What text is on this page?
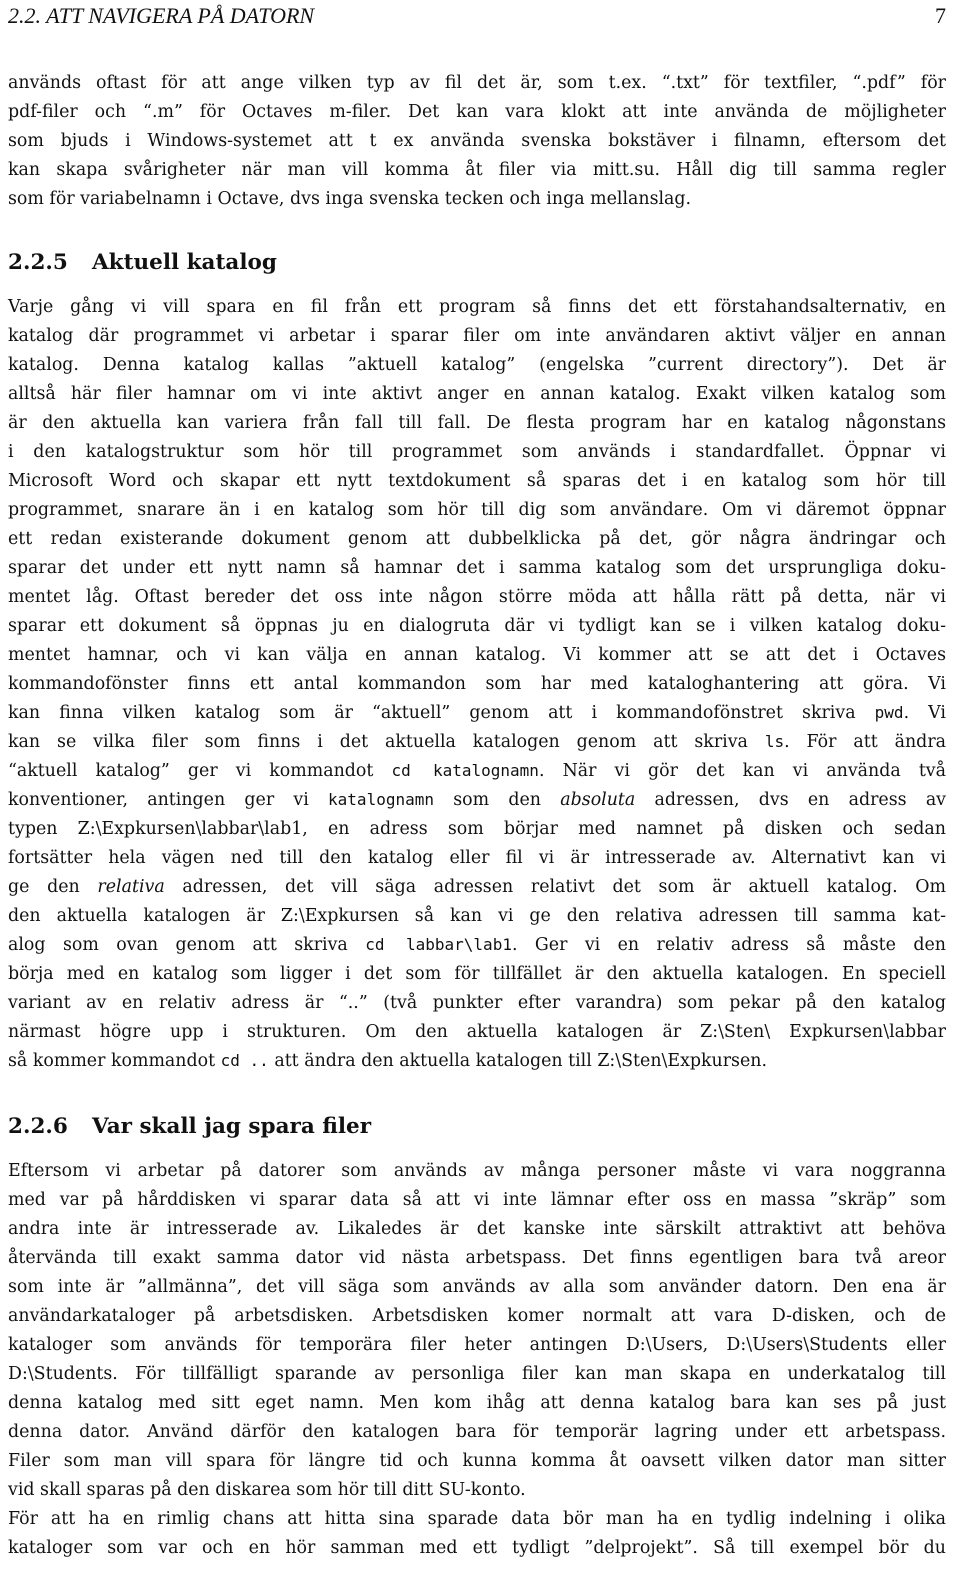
2.2. ATT NAVIGERA PÅ DATORN	7
används oftast för att ange vilken typ av fil det är, som t.ex. “.txt” för textfiler, “.pdf” för
pdf-filer och “.m” för Octaves m-filer. Det kan vara klokt att inte använda de möjligheter
som bjuds i Windows-systemet att t ex använda svenska bokstäver i filnamn, eftersom det
kan skapa svårigheter när man vill komma åt filer via mitt.su. Håll dig till samma regler
som för variabelnamn i Octave, dvs inga svenska tecken och inga mellanslag.
2.2.5 Aktuell katalog
Varje gång vi vill spara en fil från ett program så finns det ett förstahandsalternativ, en
katalog där programmet vi arbetar i sparar filer om inte användaren aktivt väljer en annan
katalog. Denna katalog kallas ”aktuell katalog” (engelska ”current directory”). Det är
alltså här filer hamnar om vi inte aktivt anger en annan katalog. Exakt vilken katalog som
är den aktuella kan variera från fall till fall. De flesta program har en katalog någonstans
i den katalogstruktur som hör till programmet som används i standardfallet. Öppnar vi
Microsoft Word och skapar ett nytt textdokument så sparas det i en katalog som hör till
programmet, snarare än i en katalog som hör till dig som användare. Om vi däremot öppnar
ett redan existerande dokument genom att dubbelklicka på det, gör några ändringar och
sparar det under ett nytt namn så hamnar det i samma katalog som det ursprungliga doku-
mentet låg. Oftast bereder det oss inte någon större möda att hålla rätt på detta, när vi
sparar ett dokument så öppnas ju en dialogruta där vi tydligt kan se i vilken katalog doku-
mentet hamnar, och vi kan välja en annan katalog. Vi kommer att se att det i Octaves
kommandofönster finns ett antal kommandon som har med kataloghantering att göra. Vi
kan finna vilken katalog som är “aktuell” genom att i kommandofönstret skriva pwd. Vi
kan se vilka filer som finns i det aktuella katalogen genom att skriva ls. För att ändra
“aktuell katalog” ger vi kommandot cd katalognamn. När vi gör det kan vi använda två
konventioner, antingen ger vi katalognamn som den absoluta adressen, dvs en adress av
typen Z:\Expkursen\labbar\lab1, en adress som börjar med namnet på disken och sedan
fortsätter hela vägen ned till den katalog eller fil vi är intresserade av. Alternativt kan vi
ge den relativa adressen, det vill säga adressen relativt det som är aktuell katalog. Om
den aktuella katalogen är Z:\Expkursen så kan vi ge den relativa adressen till samma kat-
alog som ovan genom att skriva cd labbar\lab1. Ger vi en relativ adress så måste den
börja med en katalog som ligger i det som för tillfället är den aktuella katalogen. En speciell
variant av en relativ adress är “..” (två punkter efter varandra) som pekar på den katalog
närmast högre upp i strukturen. Om den aktuella katalogen är Z:\Sten\ Expkursen\labbar
så kommer kommandot cd .. att ändra den aktuella katalogen till Z:\Sten\Expkursen.
2.2.6 Var skall jag spara filer
Eftersom vi arbetar på datorer som används av många personer måste vi vara noggranna
med var på hårddisken vi sparar data så att vi inte lämnar efter oss en massa ”skräp” som
andra inte är intresserade av. Likaledes är det kanske inte särskilt attraktivt att behöva
återvända till exakt samma dator vid nästa arbetspass. Det finns egentligen bara två areor
som inte är ”allmänna”, det vill säga som används av alla som använder datorn. Den ena är
användarkataloger på arbetsdisken. Arbetsdisken komer normalt att vara D-disken, och de
kataloger som används för temporära filer heter antingen D:\Users, D:\Users\Students eller
D:\Students. För tillfälligt sparande av personliga filer kan man skapa en underkatalog till
denna katalog med sitt eget namn. Men kom ihåg att denna katalog bara kan ses på just
denna dator. Använd därför den katalogen bara för temporär lagring under ett arbetspass.
Filer som man vill spara för längre tid och kunna komma åt oavsett vilken dator man sitter
vid skall sparas på den diskarea som hör till ditt SU-konto.
För att ha en rimlig chans att hitta sina sparade data bör man ha en tydlig indelning i olika
kataloger som var och en hör samman med ett tydligt ”delprojekt”. Så till exempel bör du
